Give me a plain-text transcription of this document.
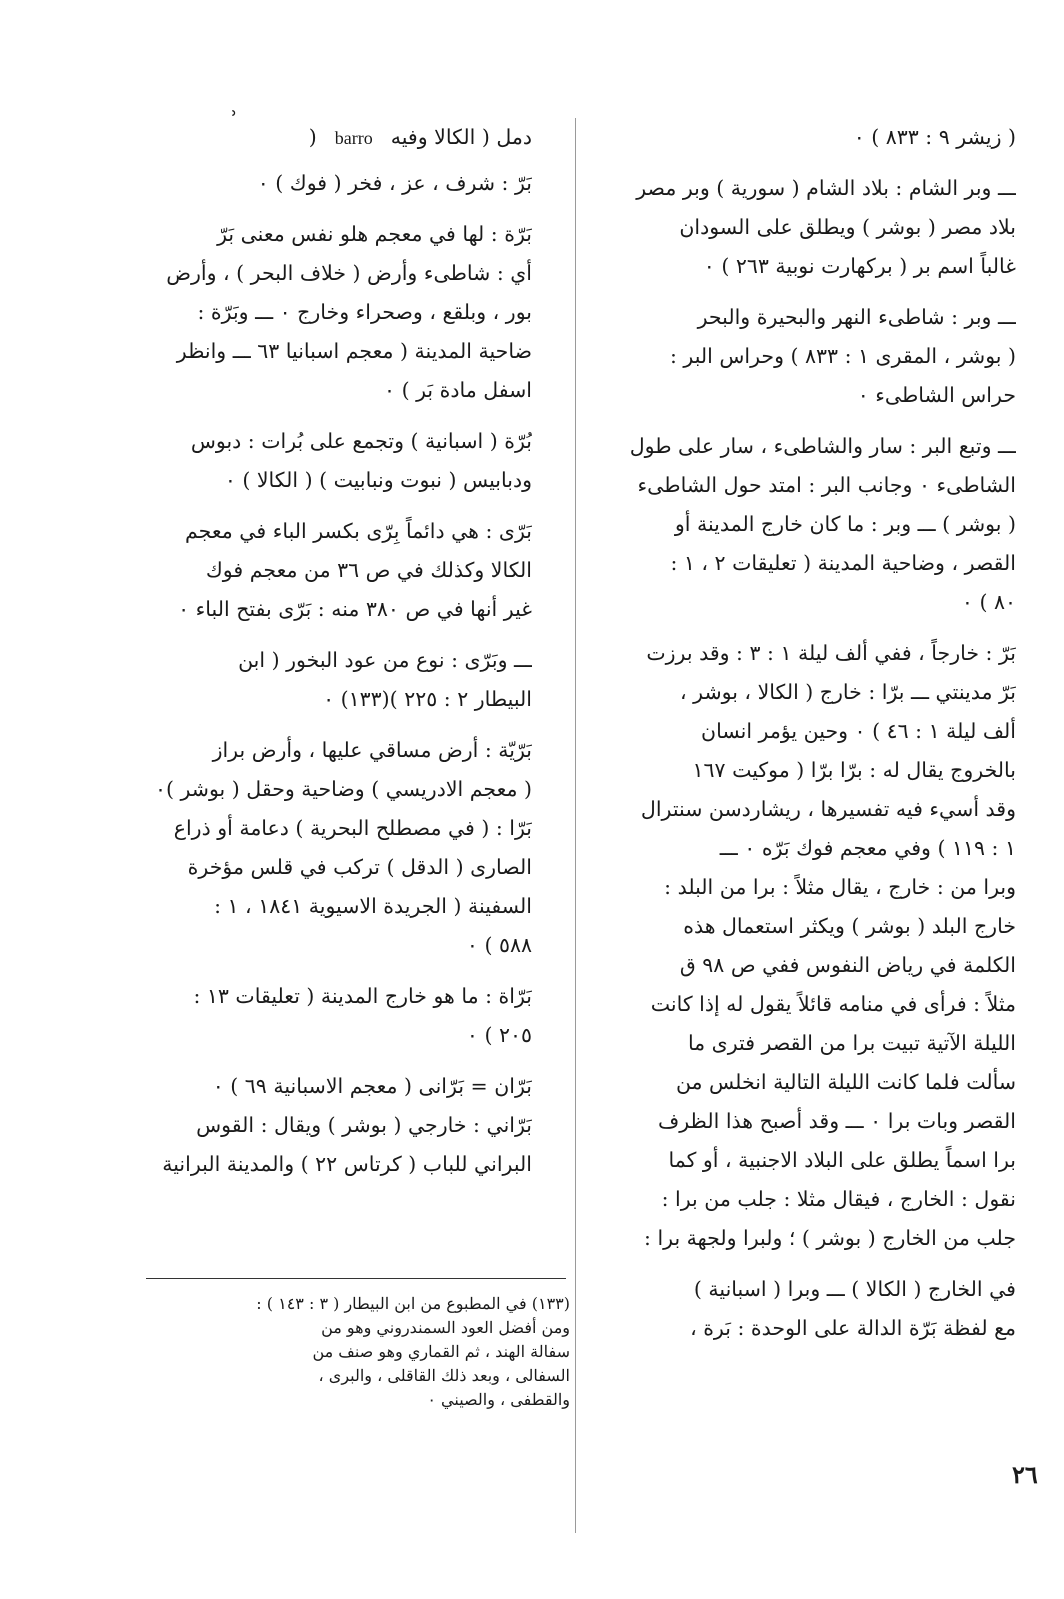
ʾ
( زيشر ٩ : ٨٣٣ ) ٠
ـــ وبر الشام : بلاد الشام ( سورية ) وبر مصر
بلاد مصر ( بوشر ) ويطلق على السودان
غالباً اسم بر ( بركهارت نوبية ٢٦٣ ) ٠
ـــ وبر : شاطىء النهر والبحيرة والبحر
( بوشر ، المقرى ١ : ٨٣٣ ) وحراس البر :
حراس الشاطىء ٠
ـــ وتبع البر : سار والشاطىء ، سار على طول
الشاطىء ٠ وجانب البر : امتد حول الشاطىء
( بوشر ) ـــ وبر : ما كان خارج المدينة أو
القصر ، وضاحية المدينة ( تعليقات ٢ ، ١ :
٨٠ ) ٠
بَرّ : خارجاً ، ففي ألف ليلة ١ : ٣ : وقد برزت
بَرّ مدينتي ـــ برّا : خارج ( الكالا ، بوشر ،
ألف ليلة ١ : ٤٦ ) ٠ وحين يؤمر انسان
بالخروج يقال له : برّا برّا ( موكيت ١٦٧
وقد أسيء فيه تفسيرها ، ريشاردسن سنترال
١ : ١١٩ ) وفي معجم فوك بَرّه ٠ ـــ
وبرا من : خارج ، يقال مثلاً : برا من البلد :
خارج البلد ( بوشر ) ويكثر استعمال هذه
الكلمة في رياض النفوس ففي ص ٩٨ ق
مثلاً : فرأى في منامه قائلاً يقول له إذا كانت
الليلة الآتية تبيت برا من القصر فترى ما
سألت فلما كانت الليلة التالية انخلس من
القصر وبات برا ٠ ـــ وقد أصبح هذا الظرف
برا اسماً يطلق على البلاد الاجنبية ، أو كما
نقول : الخارج ، فيقال مثلا : جلب من برا :
جلب من الخارج ( بوشر ) ؛ ولبرا ولجهة برا :
في الخارج ( الكالا ) ـــ وبرا ( اسبانية )
مع لفظة بَرّة الدالة على الوحدة : بَرة ،
دمل ( الكالا وفيه
barro
(
بَرّ : شرف ، عز ، فخر ( فوك ) ٠
بَرّة : لها في معجم هلو نفس معنى بَرّ
أي : شاطىء وأرض ( خلاف البحر ) ، وأرض
بور ، وبلقع ، وصحراء وخارج ٠ ـــ وبَرّة :
ضاحية المدينة ( معجم اسبانيا ٦٣ ـــ وانظر
اسفل مادة بَر ) ٠
بُرّة ( اسبانية ) وتجمع على بُرات : دبوس
ودبابيس ( نبوت ونبابيت ) ( الكالا ) ٠
بَرّى : هي دائماً بِرّى بكسر الباء في معجم
الكالا وكذلك في ص ٣٦ من معجم فوك
غير أنها في ص ٣٨٠ منه : بَرّى بفتح الباء ٠
ـــ وبَرّى : نوع من عود البخور ( ابن
البيطار ٢ : ٢٢٥ )(١٣٣) ٠
بَرّيّة : أرض مساقي عليها ، وأرض براز
( معجم الادريسي ) وضاحية وحقل ( بوشر )٠
بَرّا : ( في مصطلح البحرية ) دعامة أو ذراع
الصارى ( الدقل ) تركب في قلس مؤخرة
السفينة ( الجريدة الاسيوية ١٨٤١ ، ١ :
٥٨٨ ) ٠
بَرّاة : ما هو خارج المدينة ( تعليقات ١٣ :
٢٠٥ ) ٠
بَرّان = بَرّانى ( معجم الاسبانية ٦٩ ) ٠
بَرّاني : خارجي ( بوشر ) ويقال : القوس
البراني للباب ( كرتاس ٢٢ ) والمدينة البرانية
(١٣٣) في المطبوع من ابن البيطار ( ٣ : ١٤٣ ) :
ومن أفضل العود السمندروني وهو من
سفالة الهند ، ثم القماري وهو صنف من
السفالى ، وبعد ذلك القاقلى ، والبرى ،
والقطفى ، والصيني ٠
٢٦
